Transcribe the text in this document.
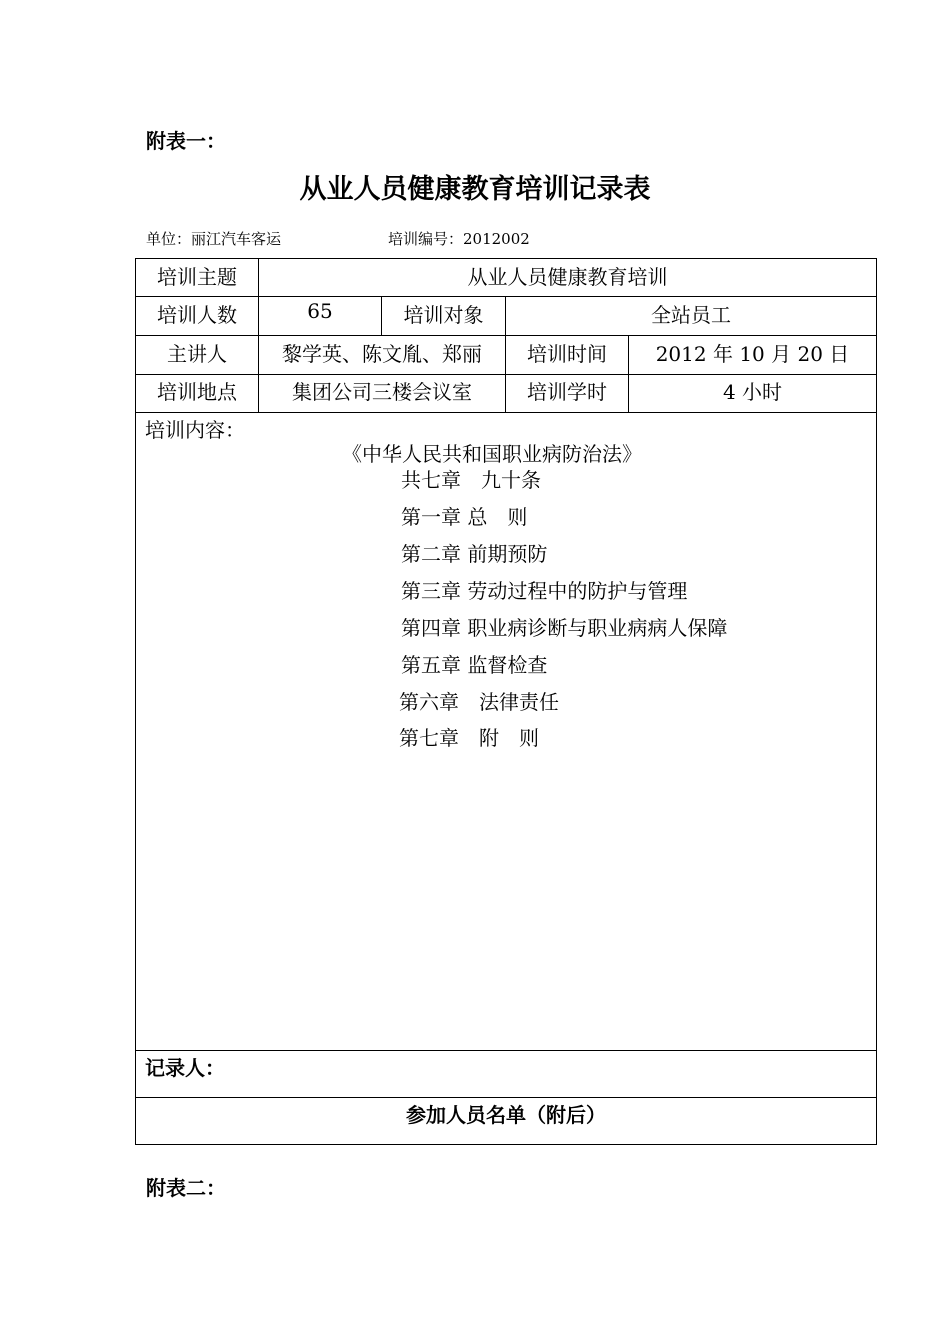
附表一：
从业人员健康教育培训记录表
单位：丽江汽车客运	培训编号：2012002
培训主题	从业人员健康教育培训
培训人数	65	培训对象	全站员工
主讲人	黎学英、陈文胤、郑丽	培训时间	2012 年 10 月 20 日
培训地点	集团公司三楼会议室	培训学时	4 小时
培训内容：
《中华人民共和国职业病防治法》
共七章　九十条
第一章 总　则
第二章 前期预防
第三章 劳动过程中的防护与管理
第四章 职业病诊断与职业病病人保障
第五章 监督检查
第六章　法律责任
第七章　附　则
记录人：
参加人员名单（附后）
附表二：
